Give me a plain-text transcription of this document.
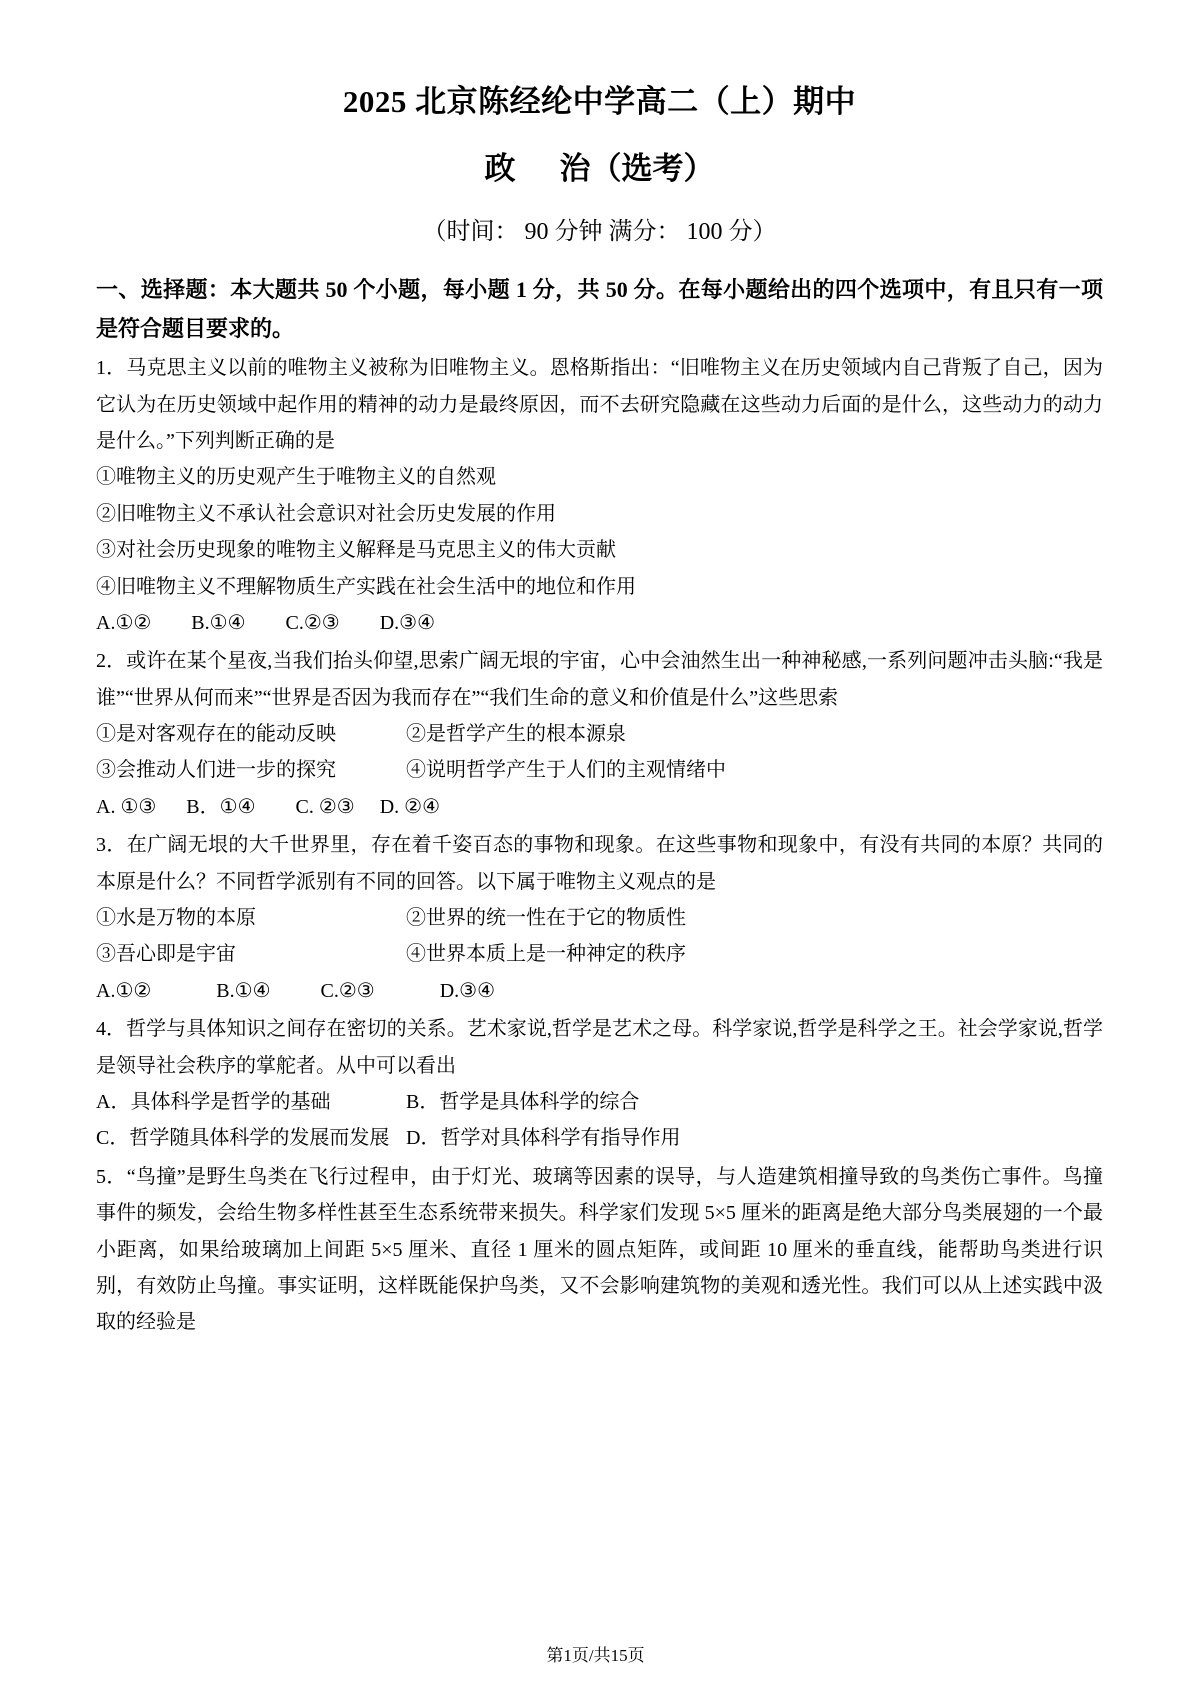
2025 北京陈经纶中学高二（上）期中
政 治（选考）
（时间： 90 分钟 满分： 100 分）
一、选择题：本大题共 50 个小题，每小题 1 分，共 50 分。在每小题给出的四个选项中，有且只有一项是符合题目要求的。
1．马克思主义以前的唯物主义被称为旧唯物主义。恩格斯指出：“旧唯物主义在历史领域内自己背叛了自己，因为它认为在历史领域中起作用的精神的动力是最终原因，而不去研究隐藏在这些动力后面的是什么，这些动力的动力是什么。”下列判断正确的是
①唯物主义的历史观产生于唯物主义的自然观
②旧唯物主义不承认社会意识对社会历史发展的作用
③对社会历史现象的唯物主义解释是马克思主义的伟大贡献
④旧唯物主义不理解物质生产实践在社会生活中的地位和作用
A.①②        B.①④        C.②③        D.③④
2．或许在某个星夜,当我们抬头仰望,思索广阔无垠的宇宙，心中会油然生出一种神秘感,一系列问题冲击头脑:“我是谁”“世界从何而来”“世界是否因为我而存在”“我们生命的意义和价值是什么”这些思索
①是对客观存在的能动反映	②是哲学产生的根本源泉
③会推动人们进一步的探究	④说明哲学产生于人们的主观情绪中
A. ①③      B．①④        C. ②③     D. ②④
3．在广阔无垠的大千世界里，存在着千姿百态的事物和现象。在这些事物和现象中，有没有共同的本原？共同的本原是什么？不同哲学派别有不同的回答。以下属于唯物主义观点的是
①水是万物的本原	②世界的统一性在于它的物质性
③吾心即是宇宙	④世界本质上是一种神定的秩序
A.①②             B.①④          C.②③             D.③④
4．哲学与具体知识之间存在密切的关系。艺术家说,哲学是艺术之母。科学家说,哲学是科学之王。社会学家说,哲学是领导社会秩序的掌舵者。从中可以看出
A．具体科学是哲学的基础	B．哲学是具体科学的综合
C．哲学随具体科学的发展而发展 D．哲学对具体科学有指导作用
5．“鸟撞”是野生鸟类在飞行过程申，由于灯光、玻璃等因素的误导，与人造建筑相撞导致的鸟类伤亡事件。鸟撞事件的频发，会给生物多样性甚至生态系统带来损失。科学家们发现 5×5 厘米的距离是绝大部分鸟类展翅的一个最小距离，如果给玻璃加上间距 5×5 厘米、直径 1 厘米的圆点矩阵，或间距 10 厘米的垂直线，能帮助鸟类进行识别，有效防止鸟撞。事实证明，这样既能保护鸟类，又不会影响建筑物的美观和透光性。我们可以从上述实践中汲取的经验是
第1页/共15页
